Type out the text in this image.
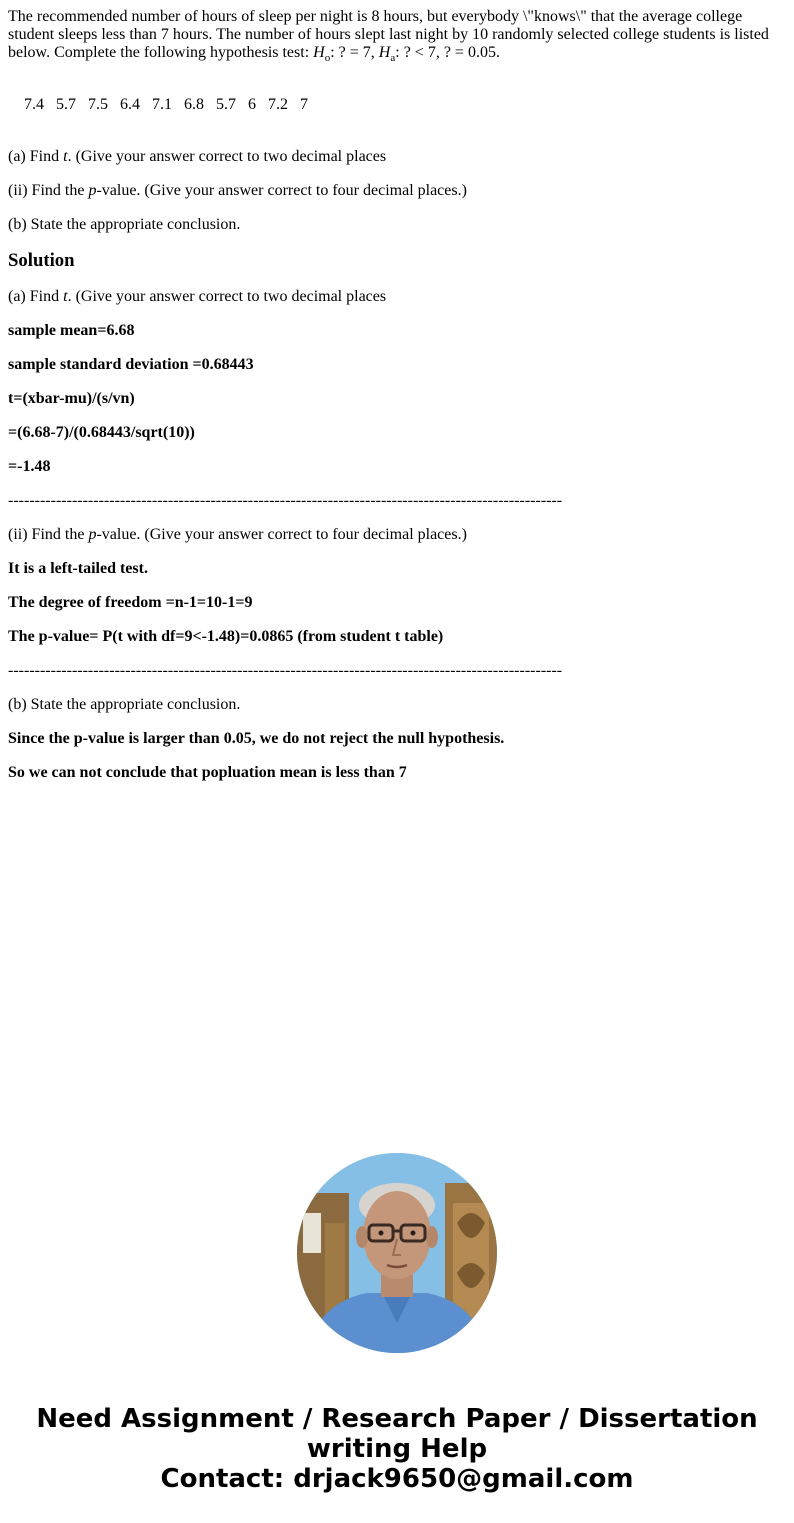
The recommended number of hours of sleep per night is 8 hours, but everybody \"knows\" that the average college student sleeps less than 7 hours. The number of hours slept last night by 10 randomly selected college students is listed below. Complete the following hypothesis test: $H_o$: ? = 7, $H_a$: ? < 7, ? = 0.05.

7.4 5.7 7.5 6.4 7.1 6.8 5.7 6 7.2 7

(a) Find t. (Give your answer correct to two decimal places

(ii) Find the p-value. (Give your answer correct to four decimal places.)

(b) State the appropriate conclusion.

Solution

(a) Find t. (Give your answer correct to two decimal places

sample mean=6.68

sample standard deviation =0.68443

t=(xbar-mu)/(s/vn)

=(6.68-7)/(0.68443/sqrt(10))

=-1.48

--------------------------------------------------------------------------------------------------------

(ii) Find the p-value. (Give your answer correct to four decimal places.)

It is a left-tailed test.

The degree of freedom =n-1=10-1=9

The p-value= P(t with df=9<-1.48)=0.0865 (from student t table)

--------------------------------------------------------------------------------------------------------

(b) State the appropriate conclusion.

Since the p-value is larger than 0.05, we do not reject the null hypothesis.

So we can not conclude that popluation mean is less than 7

Need Assignment / Research Paper / Dissertation
writing Help
Contact: drjack9650@gmail.com
